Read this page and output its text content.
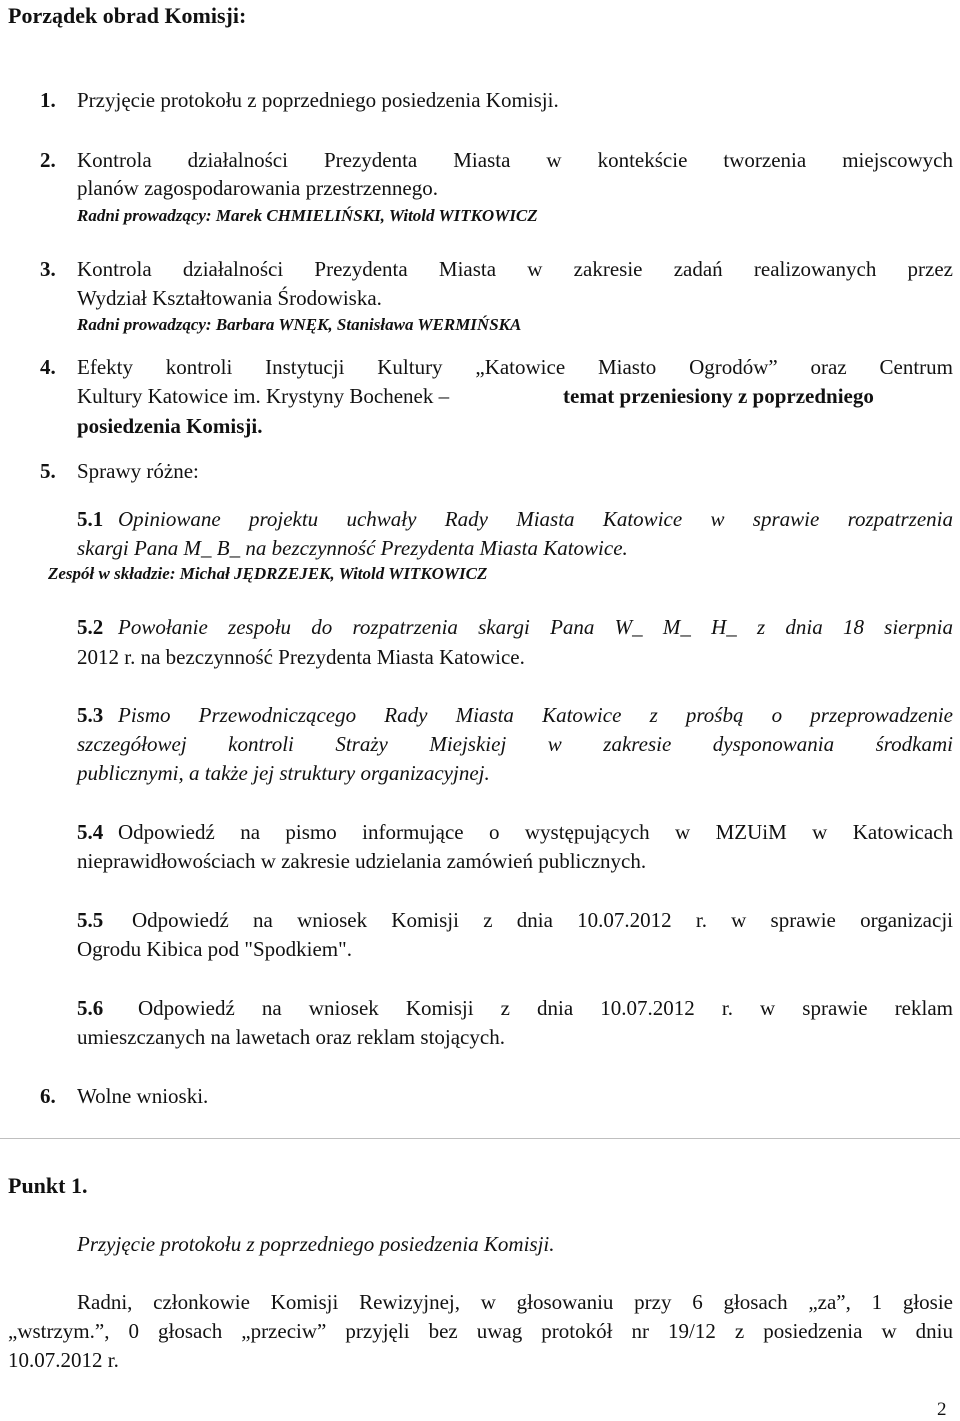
Porządek obrad Komisji:
1. Przyjęcie protokołu z poprzedniego posiedzenia Komisji.
2. Kontrola działalności Prezydenta Miasta w kontekście tworzenia miejscowych
planów zagospodarowania przestrzennego.
Radni prowadzący: Marek CHMIELIŃSKI, Witold WITKOWICZ
3. Kontrola działalności Prezydenta Miasta w zakresie zadań realizowanych przez
Wydział Kształtowania Środowiska.
Radni prowadzący: Barbara WNĘK, Stanisława WERMIŃSKA
4. Efekty kontroli Instytucji Kultury „Katowice Miasto Ogrodów” oraz Centrum
Kultury Katowice im. Krystyny Bochenek –	temat przeniesiony z poprzedniego
posiedzenia Komisji.
5. Sprawy różne:
5.1 Opiniowane projektu uchwały Rady Miasta Katowice w sprawie rozpatrzenia
skargi Pana M_ B_ na bezczynność Prezydenta Miasta Katowice.
Zespół w składzie: Michał JĘDRZEJEK, Witold WITKOWICZ
5.2 Powołanie zespołu do rozpatrzenia skargi Pana W_ M_ H_ z dnia 18 sierpnia
2012 r. na bezczynność Prezydenta Miasta Katowice.
5.3 Pismo Przewodniczącego Rady Miasta Katowice z prośbą o przeprowadzenie
szczegółowej kontroli Straży Miejskiej w zakresie dysponowania środkami
publicznymi, a także jej struktury organizacyjnej.
5.4 Odpowiedź na pismo informujące o występujących w MZUiM w Katowicach
nieprawidłowościach w zakresie udzielania zamówień publicznych.
5.5 Odpowiedź na wniosek Komisji z dnia 10.07.2012 r. w sprawie organizacji
Ogrodu Kibica pod "Spodkiem".
5.6 Odpowiedź na wniosek Komisji z dnia 10.07.2012 r. w sprawie reklam
umieszczanych na lawetach oraz reklam stojących.
6. Wolne wnioski.
Punkt 1.
Przyjęcie protokołu z poprzedniego posiedzenia Komisji.
Radni, członkowie Komisji Rewizyjnej, w głosowaniu przy 6 głosach „za”, 1 głosie
„wstrzym.”, 0 głosach „przeciw” przyjęli bez uwag protokół nr 19/12 z posiedzenia w dniu
10.07.2012 r.
2
